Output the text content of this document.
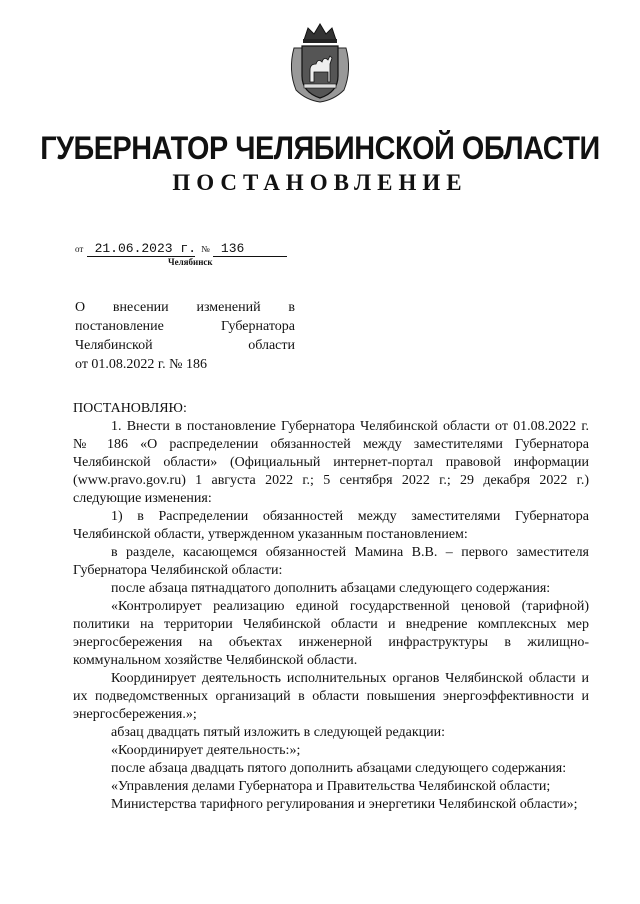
ГУБЕРНАТОР ЧЕЛЯБИНСКОЙ ОБЛАСТИ
ПОСТАНОВЛЕНИЕ
от 21.06.2023 г. № 136
Челябинск
О внесении изменений в
постановление Губернатора
Челябинской области
от 01.08.2022 г. № 186

ПОСТАНОВЛЯЮ:

1. Внести в постановление Губернатора Челябинской области от 01.08.2022 г. № 186 «О распределении обязанностей между заместителями Губернатора Челябинской области» (Официальный интернет-портал правовой информации (www.pravo.gov.ru) 1 августа 2022 г.; 5 сентября 2022 г.; 29 декабря 2022 г.) следующие изменения:

1) в Распределении обязанностей между заместителями Губернатора Челябинской области, утвержденном указанным постановлением:

в разделе, касающемся обязанностей Мамина В.В. – первого заместителя Губернатора Челябинской области:

после абзаца пятнадцатого дополнить абзацами следующего содержания:

«Контролирует реализацию единой государственной ценовой (тарифной) политики на территории Челябинской области и внедрение комплексных мер энергосбережения на объектах инженерной инфраструктуры в жилищно-коммунальном хозяйстве Челябинской области.

Координирует деятельность исполнительных органов Челябинской области и их подведомственных организаций в области повышения энергоэффективности и энергосбережения.»;

абзац двадцать пятый изложить в следующей редакции:

«Координирует деятельность:»;

после абзаца двадцать пятого дополнить абзацами следующего содержания:

«Управления делами Губернатора и Правительства Челябинской области;

Министерства тарифного регулирования и энергетики Челябинской области»;
